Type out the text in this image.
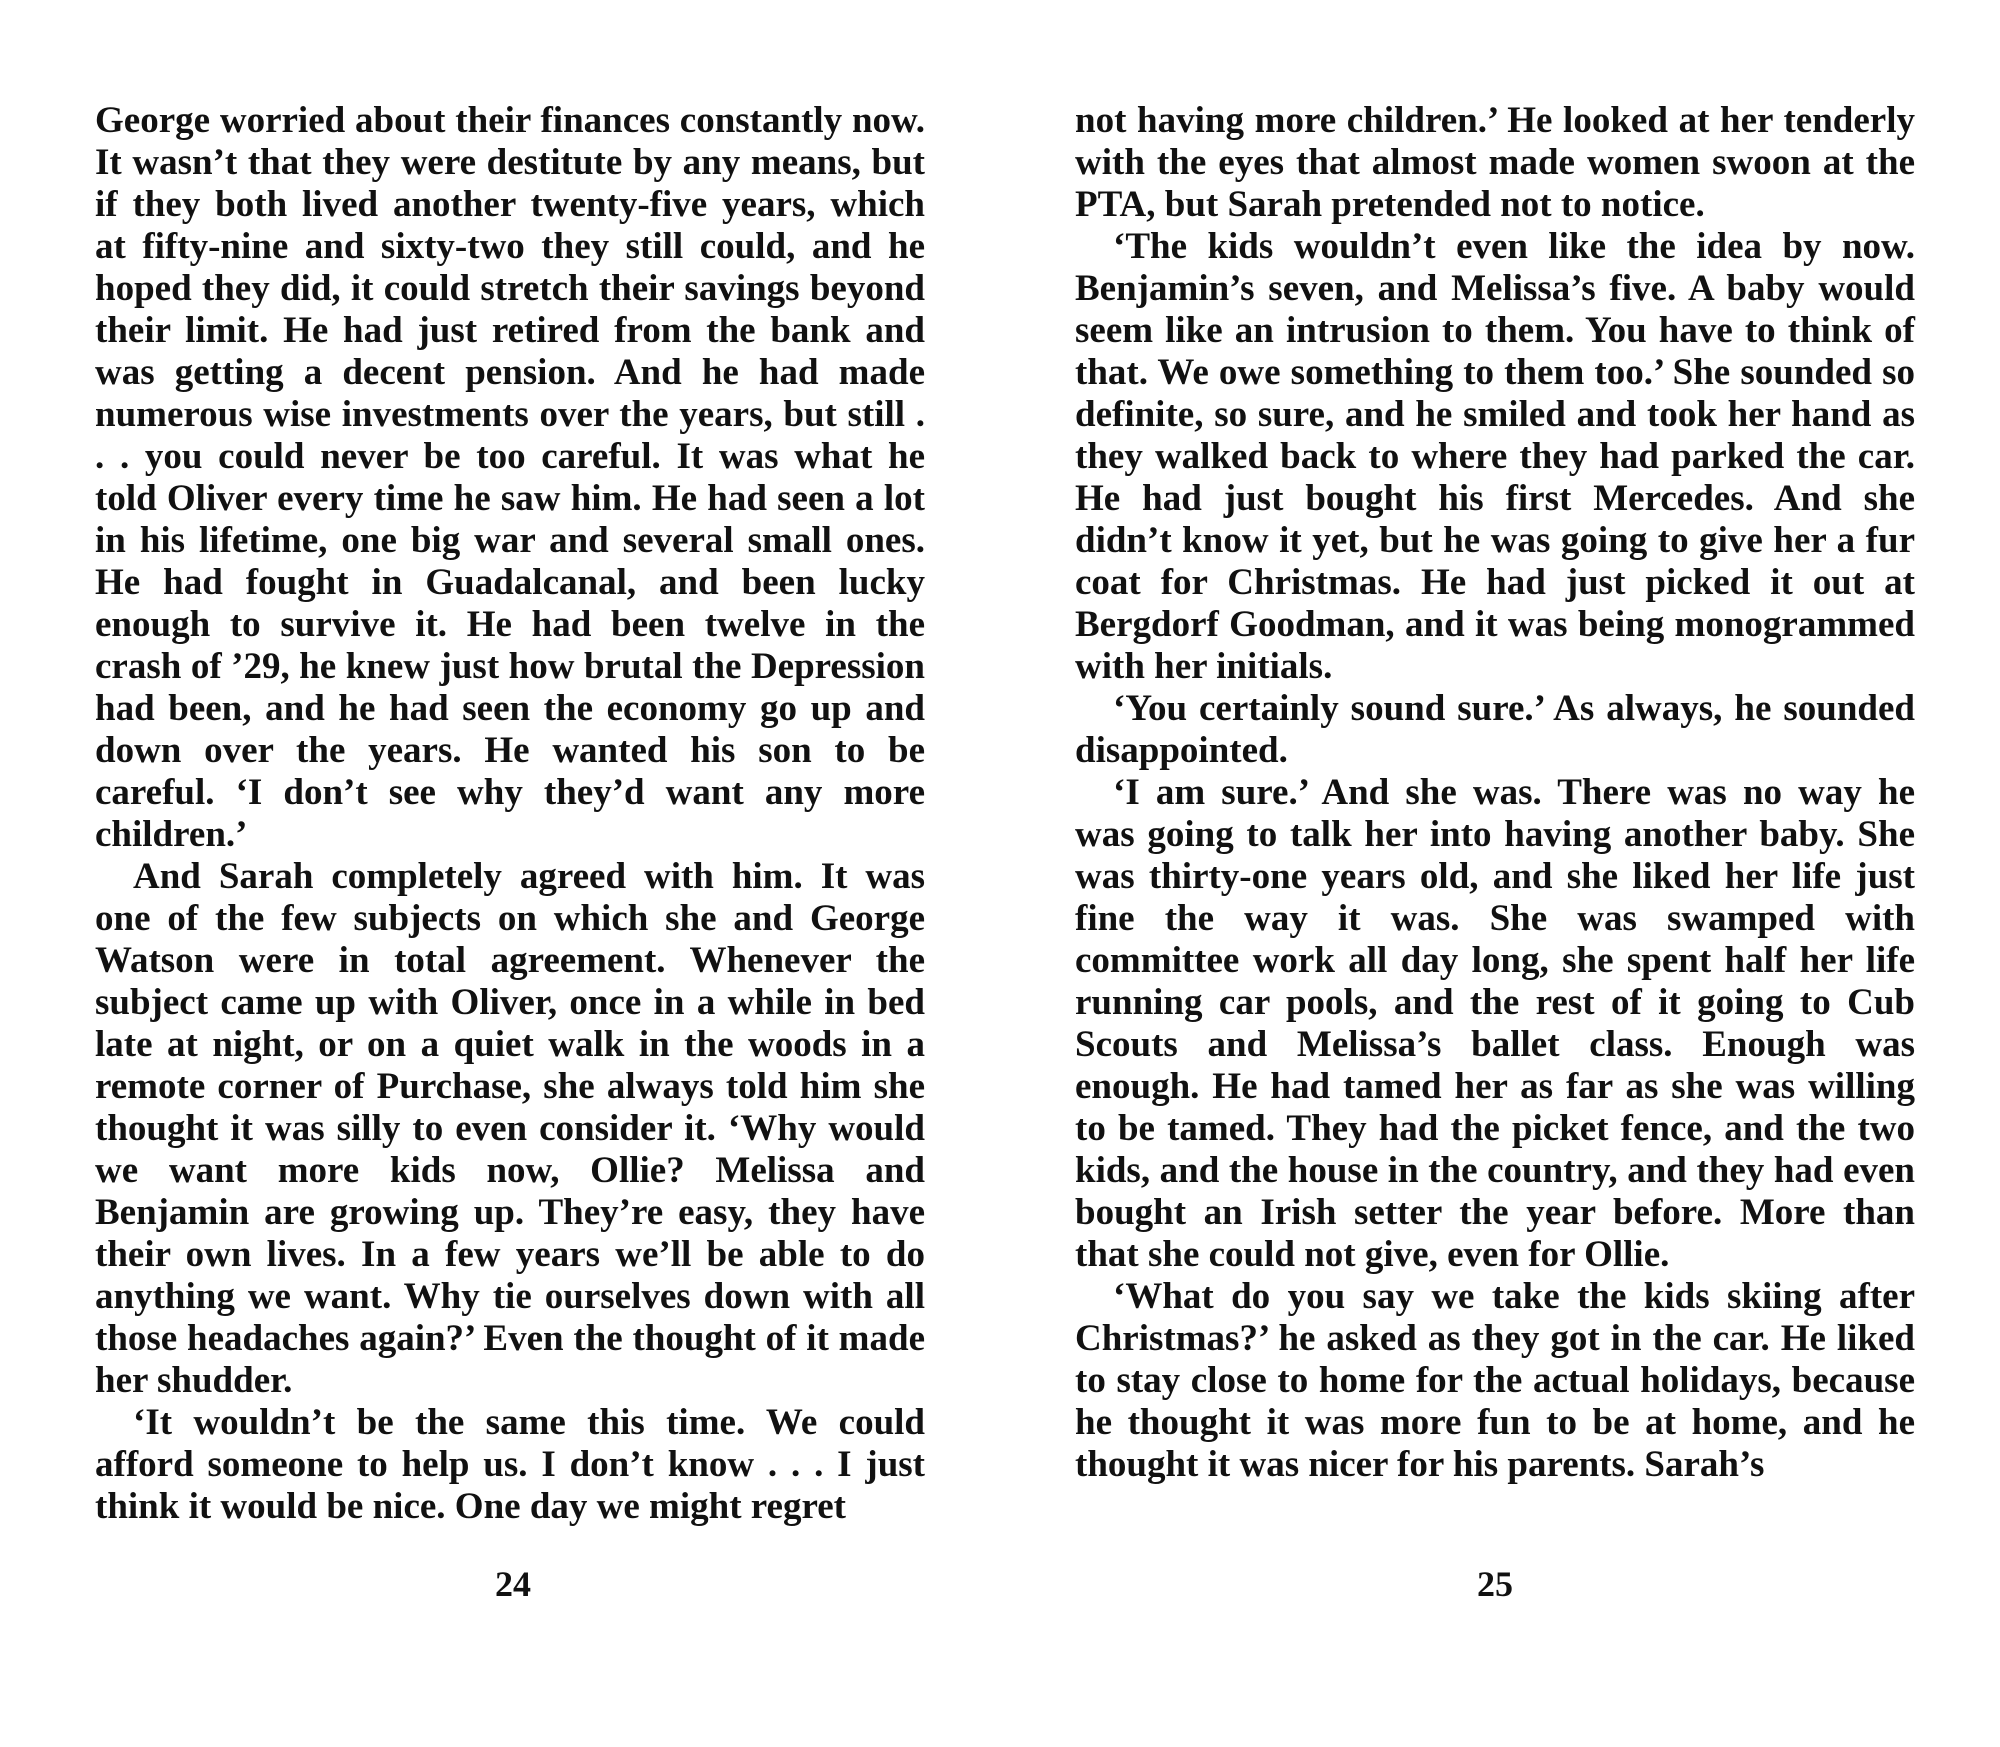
George worried about their finances constantly now. It wasn’t that they were destitute by any means, but if they both lived another twenty-five years, which at fifty-nine and sixty-two they still could, and he hoped they did, it could stretch their savings beyond their limit. He had just retired from the bank and was getting a decent pension. And he had made numerous wise investments over the years, but still . . . you could never be too careful. It was what he told Oliver every time he saw him. He had seen a lot in his lifetime, one big war and several small ones. He had fought in Guadalcanal, and been lucky enough to survive it. He had been twelve in the crash of ’29, he knew just how brutal the Depression had been, and he had seen the economy go up and down over the years. He wanted his son to be careful. ‘I don’t see why they’d want any more children.’

And Sarah completely agreed with him. It was one of the few subjects on which she and George Watson were in total agreement. Whenever the subject came up with Oliver, once in a while in bed late at night, or on a quiet walk in the woods in a remote corner of Purchase, she always told him she thought it was silly to even consider it. ‘Why would we want more kids now, Ollie? Melissa and Benjamin are growing up. They’re easy, they have their own lives. In a few years we’ll be able to do anything we want. Why tie ourselves down with all those headaches again?’ Even the thought of it made her shudder.

‘It wouldn’t be the same this time. We could afford someone to help us. I don’t know . . . I just think it would be nice. One day we might regret

not having more children.’ He looked at her tenderly with the eyes that almost made women swoon at the PTA, but Sarah pretended not to notice.

‘The kids wouldn’t even like the idea by now. Benjamin’s seven, and Melissa’s five. A baby would seem like an intrusion to them. You have to think of that. We owe something to them too.’ She sounded so definite, so sure, and he smiled and took her hand as they walked back to where they had parked the car. He had just bought his first Mercedes. And she didn’t know it yet, but he was going to give her a fur coat for Christmas. He had just picked it out at Bergdorf Goodman, and it was being monogrammed with her initials.

‘You certainly sound sure.’ As always, he sounded disappointed.

‘I am sure.’ And she was. There was no way he was going to talk her into having another baby. She was thirty-one years old, and she liked her life just fine the way it was. She was swamped with committee work all day long, she spent half her life running car pools, and the rest of it going to Cub Scouts and Melissa’s ballet class. Enough was enough. He had tamed her as far as she was willing to be tamed. They had the picket fence, and the two kids, and the house in the country, and they had even bought an Irish setter the year before. More than that she could not give, even for Ollie.

‘What do you say we take the kids skiing after Christmas?’ he asked as they got in the car. He liked to stay close to home for the actual holidays, because he thought it was more fun to be at home, and he thought it was nicer for his parents. Sarah’s

24	25
